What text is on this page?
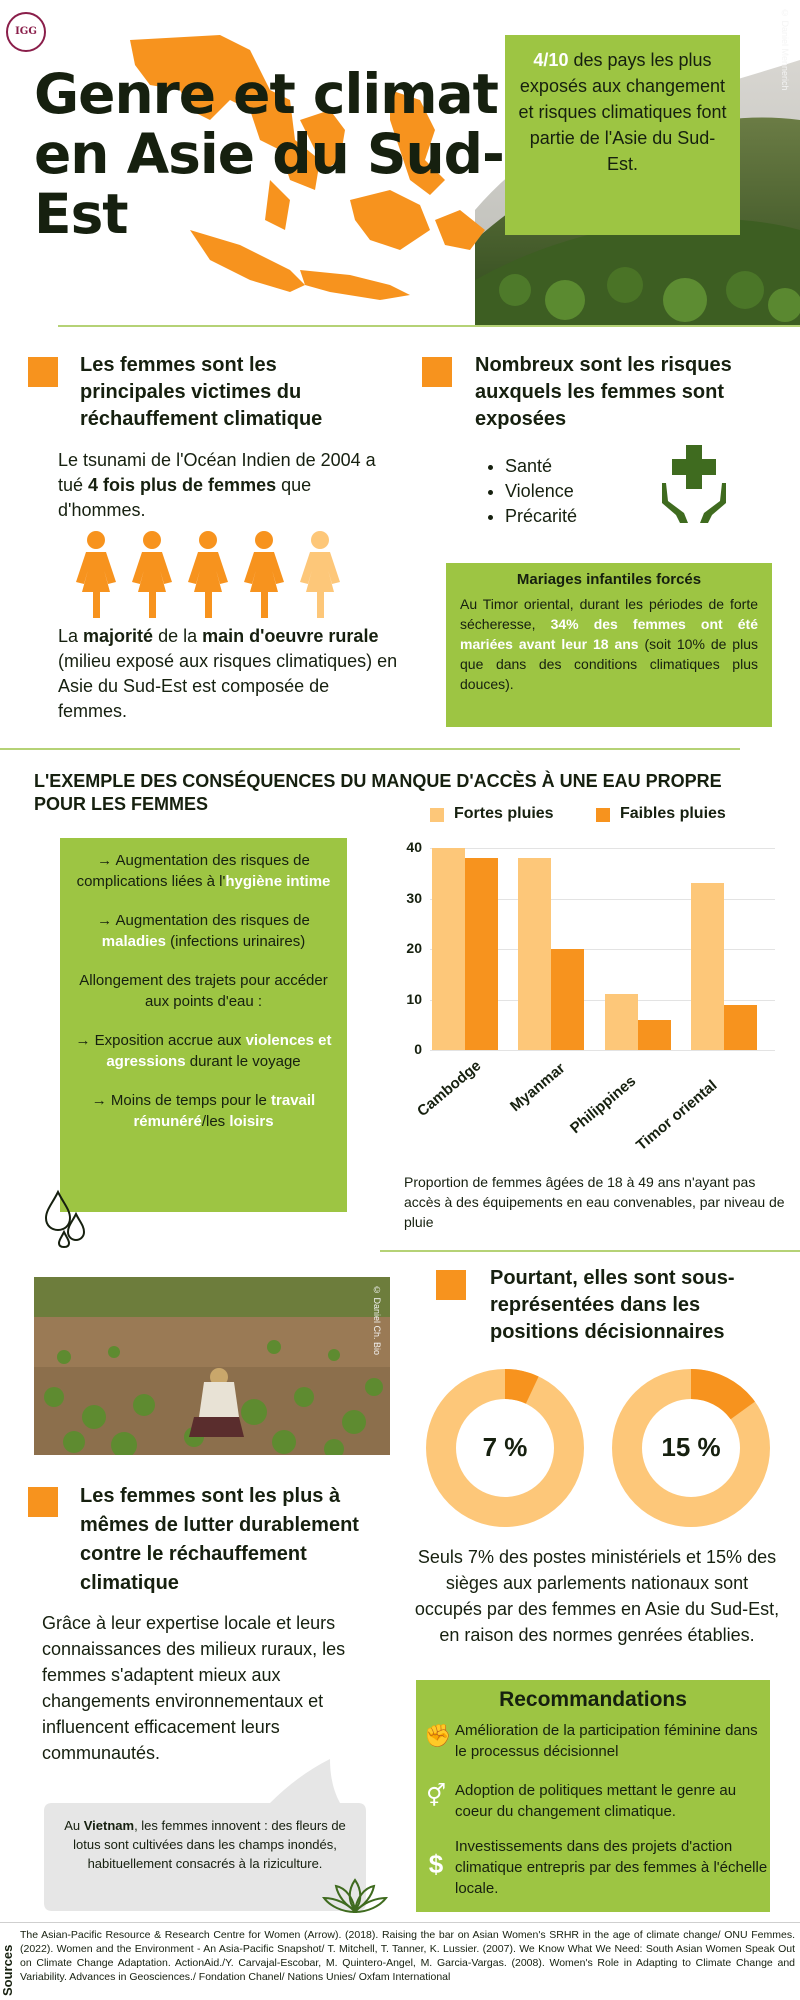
© Daniel Mennerich
IGG
Genre et climat en Asie du Sud-Est
4/10 des pays les plus exposés aux changement et risques climatiques font partie de l'Asie du Sud-Est.
Les femmes sont les principales victimes du réchauffement climatique

Le tsunami de l'Océan Indien de 2004 a tué 4 fois plus de femmes que d'hommes.

La majorité de la main d'oeuvre rurale (milieu exposé aux risques climatiques) en Asie du Sud-Est est composée de femmes.

Nombreux sont les risques auxquels les femmes sont exposées
• Santé
• Violence
• Précarité
Mariages infantiles forcés

Au Timor oriental, durant les périodes de forte sécheresse, 34% des femmes ont été mariées avant leur 18 ans (soit 10% de plus que dans des conditions climatiques plus douces).

L'EXEMPLE DES CONSÉQUENCES DU MANQUE D'ACCÈS À UNE EAU PROPRE POUR LES FEMMES

→ Augmentation des risques de complications liées à l'hygiène intime

→ Augmentation des risques de maladies (infections urinaires)

Allongement des trajets pour accéder aux points d'eau :

→ Exposition accrue aux violences et agressions durant le voyage

→ Moins de temps pour le travail rémunéré/les loisirs

Fortes pluies	Faibles pluies
0
10
20
30
40
Cambodge Myanmar
Philippines
Timor oriental

Proportion de femmes âgées de 18 à 49 ans n'ayant pas accès à des équipements en eau convenables, par niveau de pluie

© Daniel Ch. Bio
Pourtant, elles sont sous-représentées dans les positions décisionnaires
7 %	15 %

Seuls 7% des postes ministériels et 15% des sièges aux parlements nationaux sont occupés par des femmes en Asie du Sud-Est, en raison des normes genrées établies.

Les femmes sont les plus à mêmes de lutter durablement contre le réchauffement climatique

Grâce à leur expertise locale et leurs connaissances des milieux ruraux, les femmes s'adaptent mieux aux changements environnementaux et influencent efficacement leurs communautés.

Au Vietnam, les femmes innovent : des fleurs de lotus sont cultivées dans les champs inondés, habituellement consacrés à la riziculture.

Recommandations
✊ Amélioration de la participation féminine dans le processus décisionnel

⚥ Adoption de politiques mettant le genre au coeur du changement climatique.

$

Investissements dans des projets d'action climatique entrepris par des femmes à l'échelle locale.

Sources

The Asian-Pacific Resource & Research Centre for Women (Arrow). (2018). Raising the bar on Asian Women's SRHR in the age of climate change/ ONU Femmes. (2022). Women and the Environment - An Asia-Pacific Snapshot/ T. Mitchell, T. Tanner, K. Lussier. (2007). We Know What We Need: South Asian Women Speak Out on Climate Change Adaptation. ActionAid./Y. Carvajal-Escobar, M. Quintero-Angel, M. Garcia-Vargas. (2008). Women's Role in Adapting to Climate Change and Variability. Advances in Geosciences./ Fondation Chanel/ Nations Unies/ Oxfam International
